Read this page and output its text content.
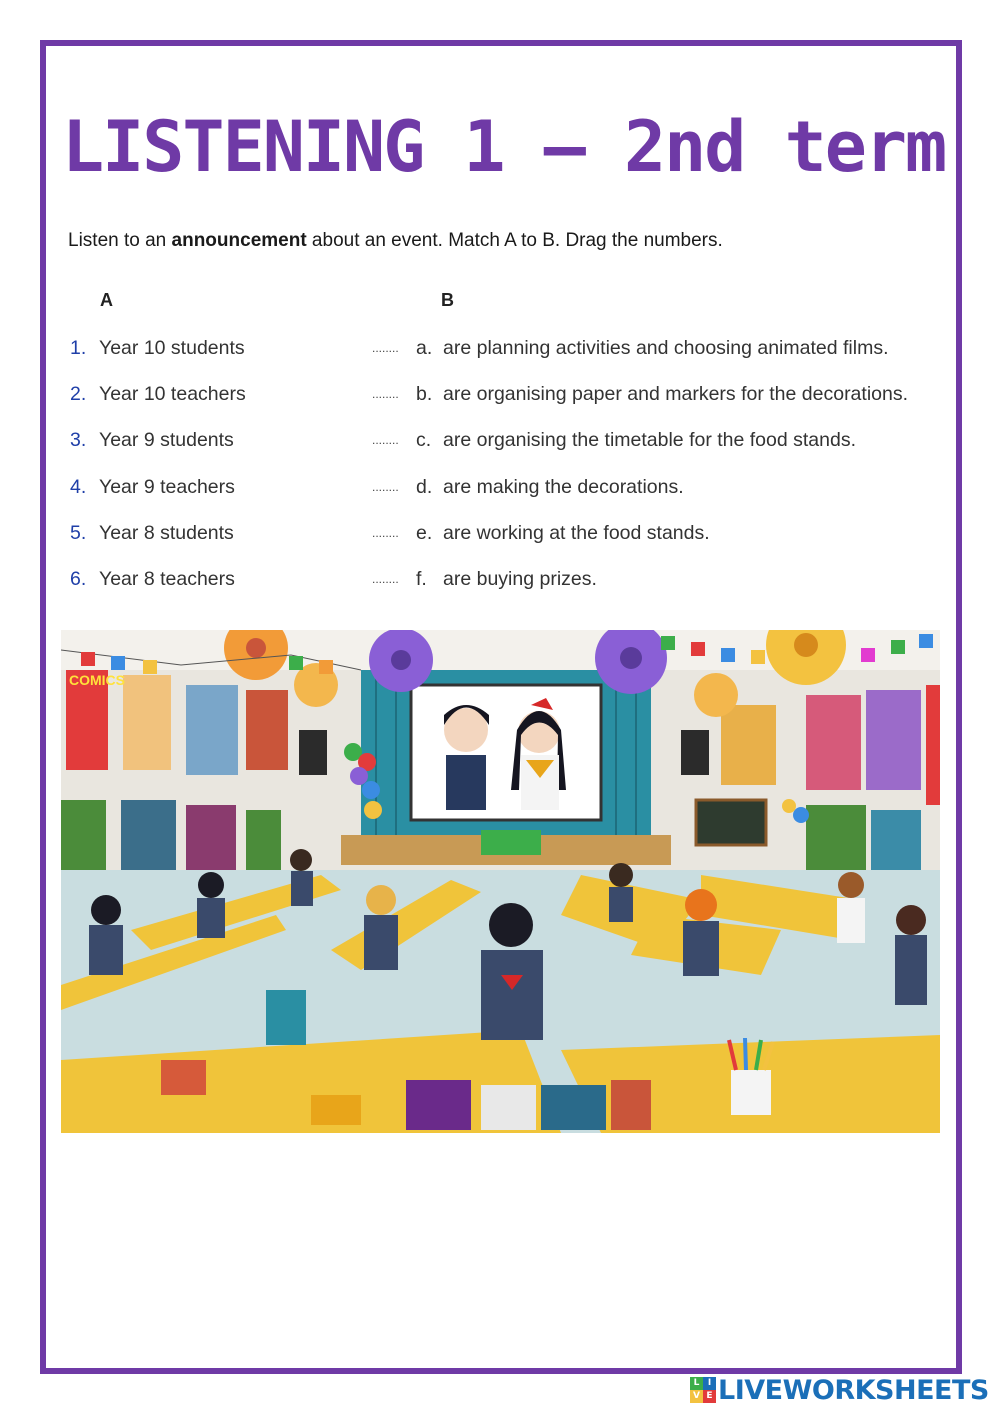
LISTENING 1 – 2nd term

Listen to an announcement about an event. Match A to B. Drag the numbers.

A	B
1. Year 10 students	........ a. are planning activities and choosing animated films.
2. Year 10 teachers	........ b. are organising paper and markers for the decorations.
3. Year 9 students	........ c. are organising the timetable for the food stands.
4. Year 9 teachers	........ d. are making the decorations.
5. Year 8 students	........ e. are working at the food stands.
6. Year 8 teachers	........ f. are buying prizes.
COMICS
L I
V E LIVEWORKSHEETS
